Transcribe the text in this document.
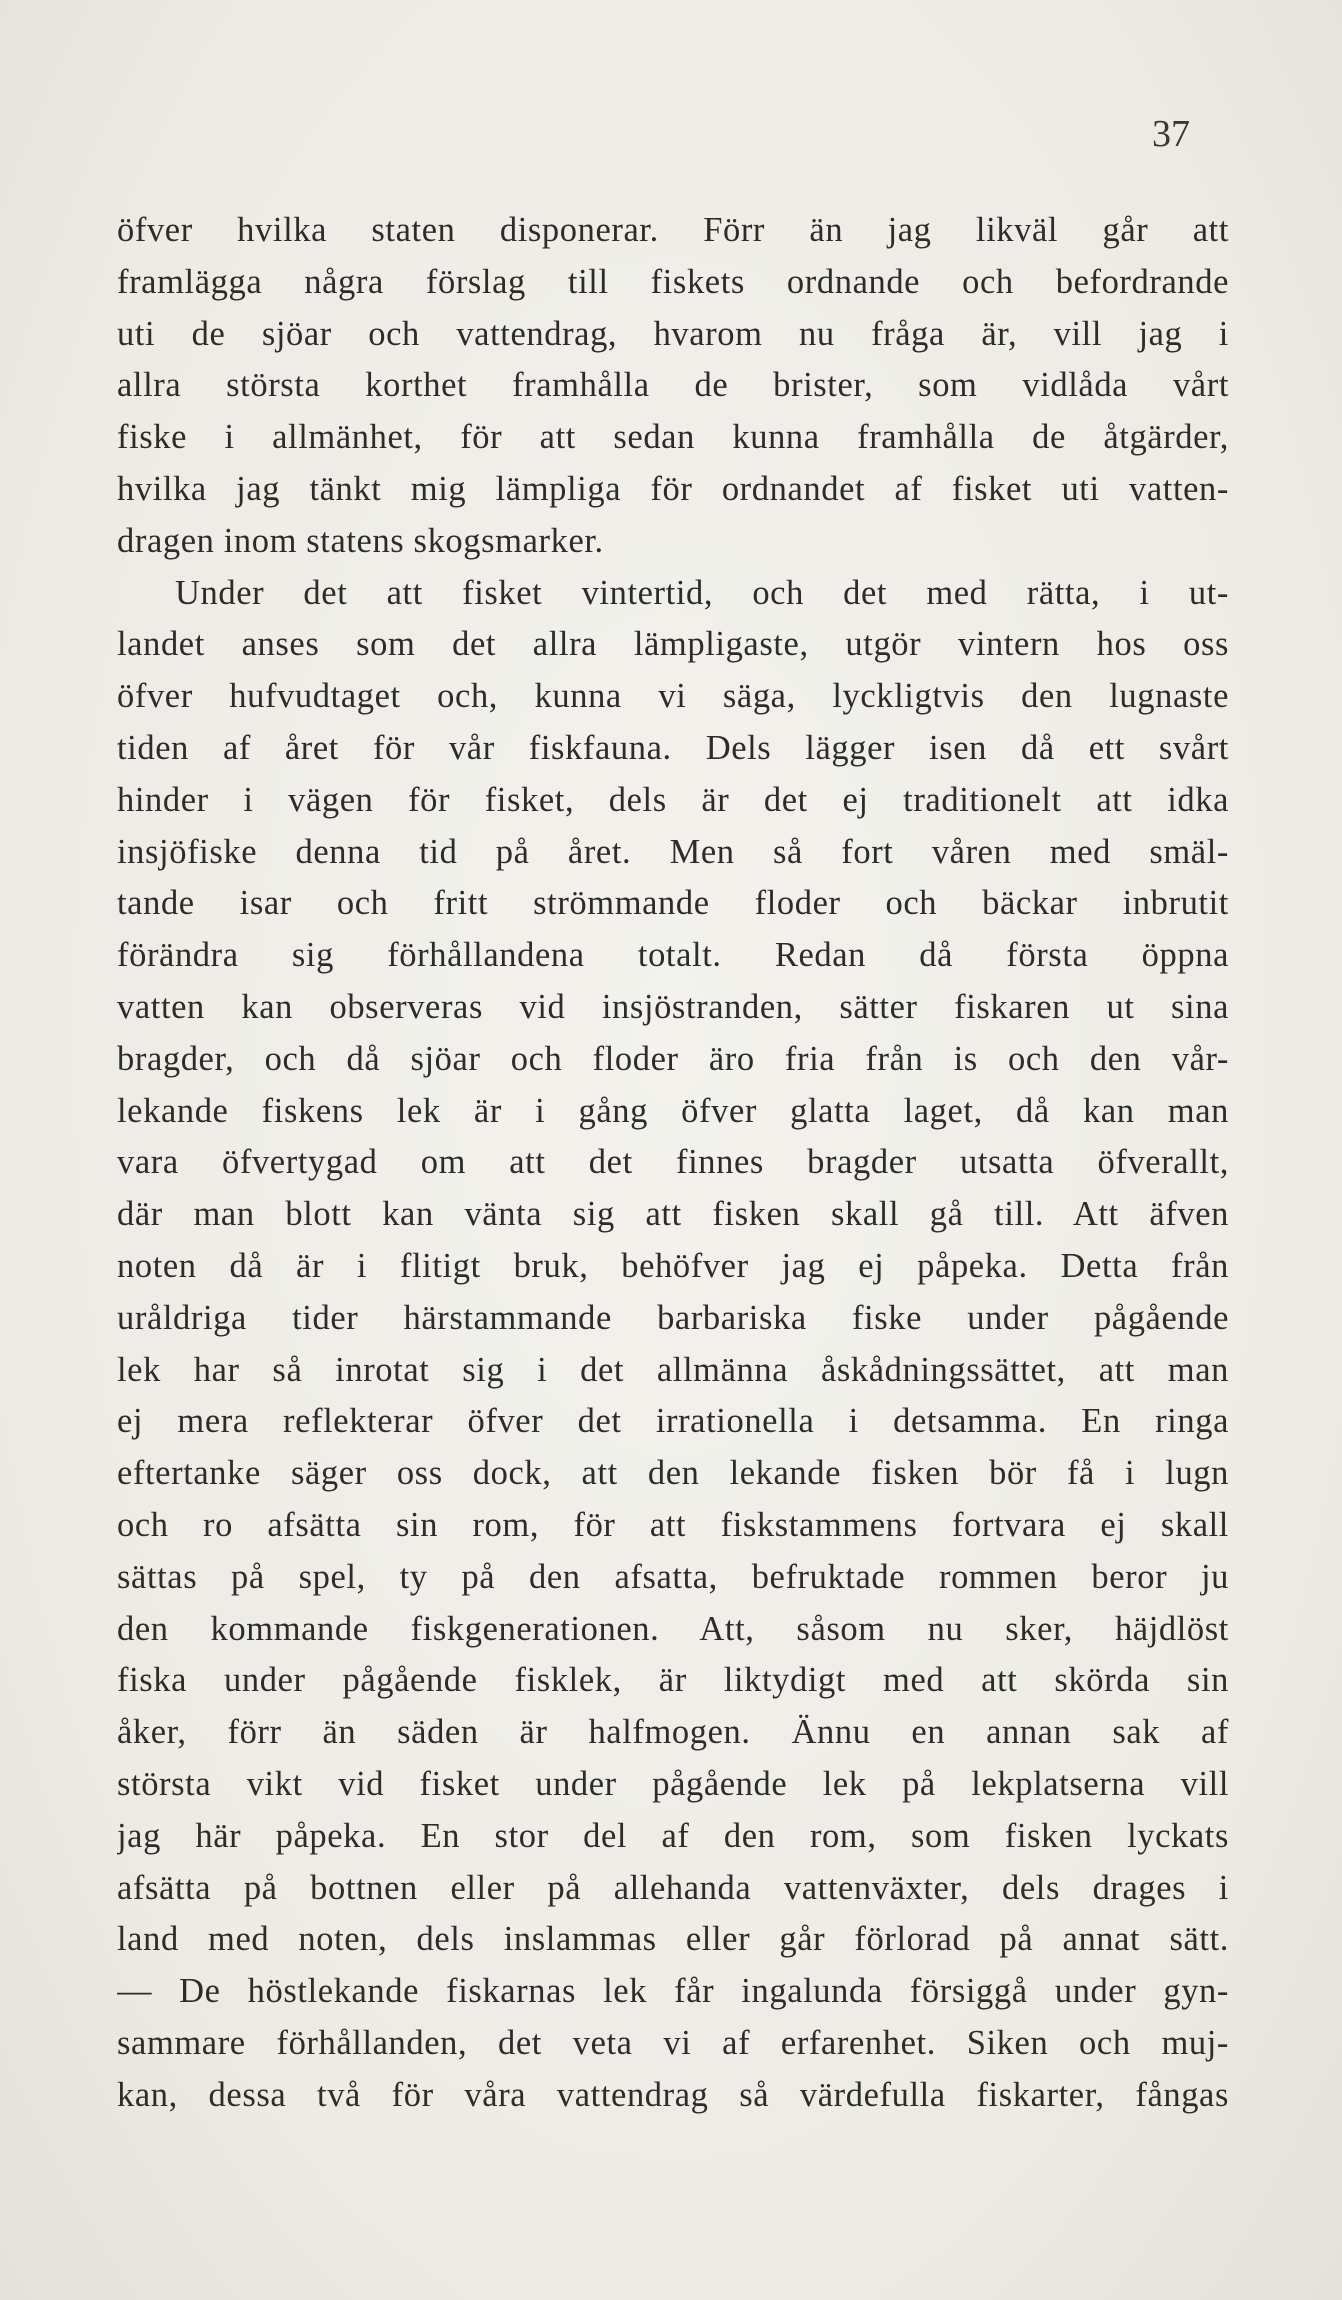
37
öfver hvilka staten disponerar. Förr än jag likväl går att
framlägga några förslag till fiskets ordnande och befordrande
uti de sjöar och vattendrag, hvarom nu fråga är, vill jag i
allra största korthet framhålla de brister, som vidlåda vårt
fiske i allmänhet, för att sedan kunna framhålla de åtgärder,
hvilka jag tänkt mig lämpliga för ordnandet af fisket uti vatten-
dragen inom statens skogsmarker.
Under det att fisket vintertid, och det med rätta, i ut-
landet anses som det allra lämpligaste, utgör vintern hos oss
öfver hufvudtaget och, kunna vi säga, lyckligtvis den lugnaste
tiden af året för vår fiskfauna. Dels lägger isen då ett svårt
hinder i vägen för fisket, dels är det ej traditionelt att idka
insjöfiske denna tid på året. Men så fort våren med smäl-
tande isar och fritt strömmande floder och bäckar inbrutit
förändra sig förhållandena totalt. Redan då första öppna
vatten kan observeras vid insjöstranden, sätter fiskaren ut sina
bragder, och då sjöar och floder äro fria från is och den vår-
lekande fiskens lek är i gång öfver glatta laget, då kan man
vara öfvertygad om att det finnes bragder utsatta öfverallt,
där man blott kan vänta sig att fisken skall gå till. Att äfven
noten då är i flitigt bruk, behöfver jag ej påpeka. Detta från
uråldriga tider härstammande barbariska fiske under pågående
lek har så inrotat sig i det allmänna åskådningssättet, att man
ej mera reflekterar öfver det irrationella i detsamma. En ringa
eftertanke säger oss dock, att den lekande fisken bör få i lugn
och ro afsätta sin rom, för att fiskstammens fortvara ej skall
sättas på spel, ty på den afsatta, befruktade rommen beror ju
den kommande fiskgenerationen. Att, såsom nu sker, häjdlöst
fiska under pågående fisklek, är liktydigt med att skörda sin
åker, förr än säden är halfmogen. Ännu en annan sak af
största vikt vid fisket under pågående lek på lekplatserna vill
jag här påpeka. En stor del af den rom, som fisken lyckats
afsätta på bottnen eller på allehanda vattenväxter, dels drages i
land med noten, dels inslammas eller går förlorad på annat sätt.
— De höstlekande fiskarnas lek får ingalunda försiggå under gyn-
sammare förhållanden, det veta vi af erfarenhet. Siken och muj-
kan, dessa två för våra vattendrag så värdefulla fiskarter, fångas
